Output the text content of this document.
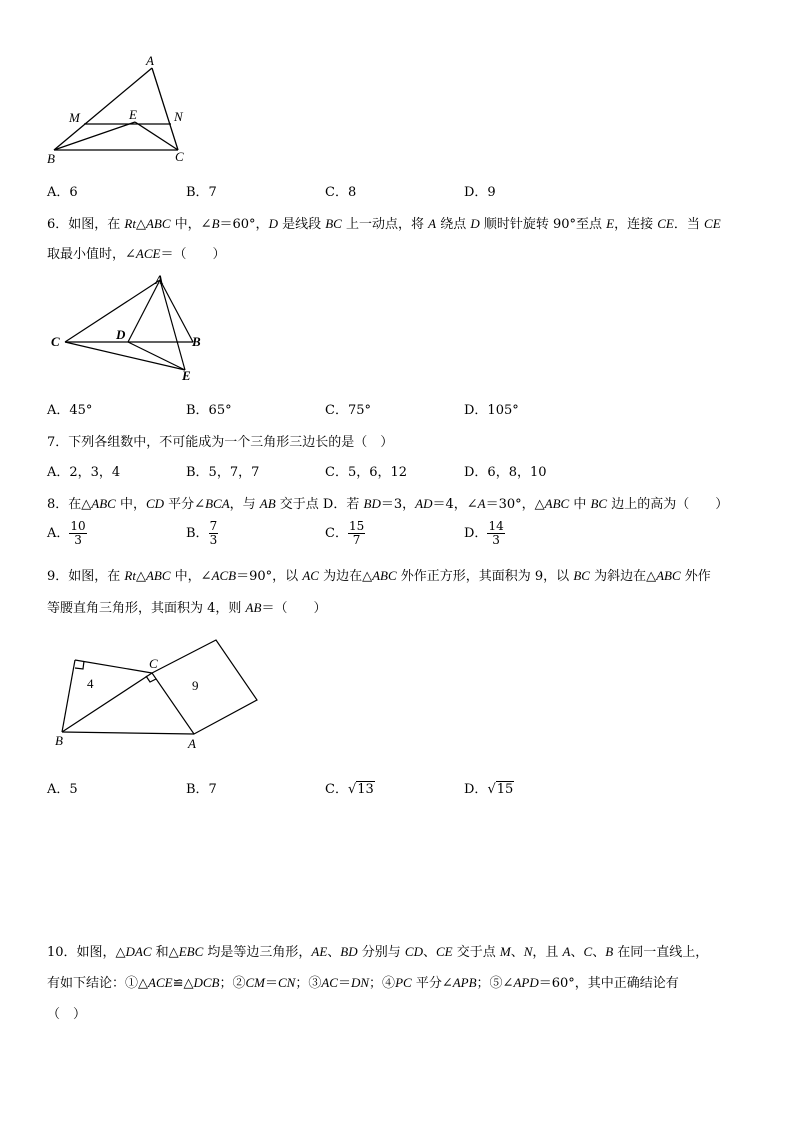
A
M	E	N
B	C
A．6	B．7	C．8	D．9
6．如图，在 Rt△ABC 中，∠B＝60°，D 是线段 BC 上一动点，将 A 绕点 D 顺时针旋转 90°至点 E，连接 CE．当 CE
取最小值时，∠ACE＝（　　）
A
C	D	B
E
A．45°	B．65°	C．75°	D．105°
7．下列各组数中，不可能成为一个三角形三边长的是（　）
A．2，3，4	B．5，7，7	C．5，6，12	D．6，8，10
8．在△ABC 中，CD 平分∠BCA，与 AB 交于点 D．若 BD＝3，AD＝4，∠A＝30°，△ABC 中 BC 边上的高为（　　）
A． $\frac{10}{3}$	B． $\frac{7}{3}$	C． $\frac{15}{7}$	D． $\frac{14}{3}$
9．如图，在 Rt△ABC 中，∠ACB＝90°，以 AC 为边在△ABC 外作正方形，其面积为 9，以 BC 为斜边在△ABC 外作
等腰直角三角形，其面积为 4，则 AB＝（　　）
C
B	A
4	9
A．5	B．7	C．√13	D．√15
10．如图，△DAC 和△EBC 均是等边三角形，AE、BD 分别与 CD、CE 交于点 M、N，且 A、C、B 在同一直线上，
有如下结论：①△ACE≌△DCB；②CM＝CN；③AC＝DN；④PC 平分∠APB；⑤∠APD＝60°，其中正确结论有
（　）
